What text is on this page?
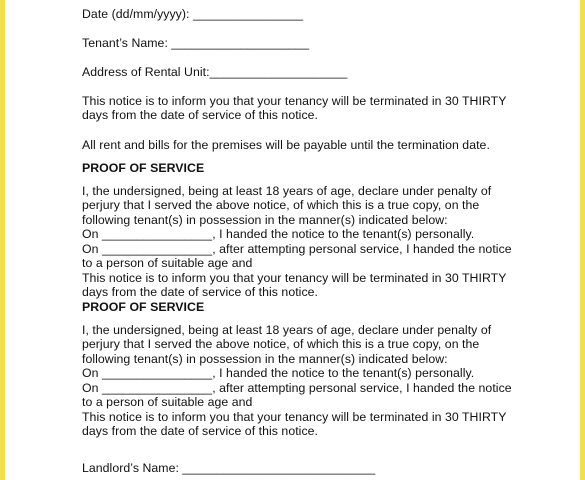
Date (dd/mm/yyyy): ________________
Tenant’s Name: ____________________
Address of Rental Unit:____________________
This notice is to inform you that your tenancy will be terminated in 30 THIRTY
days from the date of service of this notice.
All rent and bills for the premises will be payable until the termination date.
PROOF OF SERVICE
I, the undersigned, being at least 18 years of age, declare under penalty of
perjury that I served the above notice, of which this is a true copy, on the
following tenant(s) in possession in the manner(s) indicated below:
On ________________, I handed the notice to the tenant(s) personally.
On ________________, after attempting personal service, I handed the notice
to a person of suitable age and
This notice is to inform you that your tenancy will be terminated in 30 THIRTY
days from the date of service of this notice.
PROOF OF SERVICE
I, the undersigned, being at least 18 years of age, declare under penalty of
perjury that I served the above notice, of which this is a true copy, on the
following tenant(s) in possession in the manner(s) indicated below:
On ________________, I handed the notice to the tenant(s) personally.
On ________________, after attempting personal service, I handed the notice
to a person of suitable age and
This notice is to inform you that your tenancy will be terminated in 30 THIRTY
days from the date of service of this notice.
Landlord’s Name: ____________________________
